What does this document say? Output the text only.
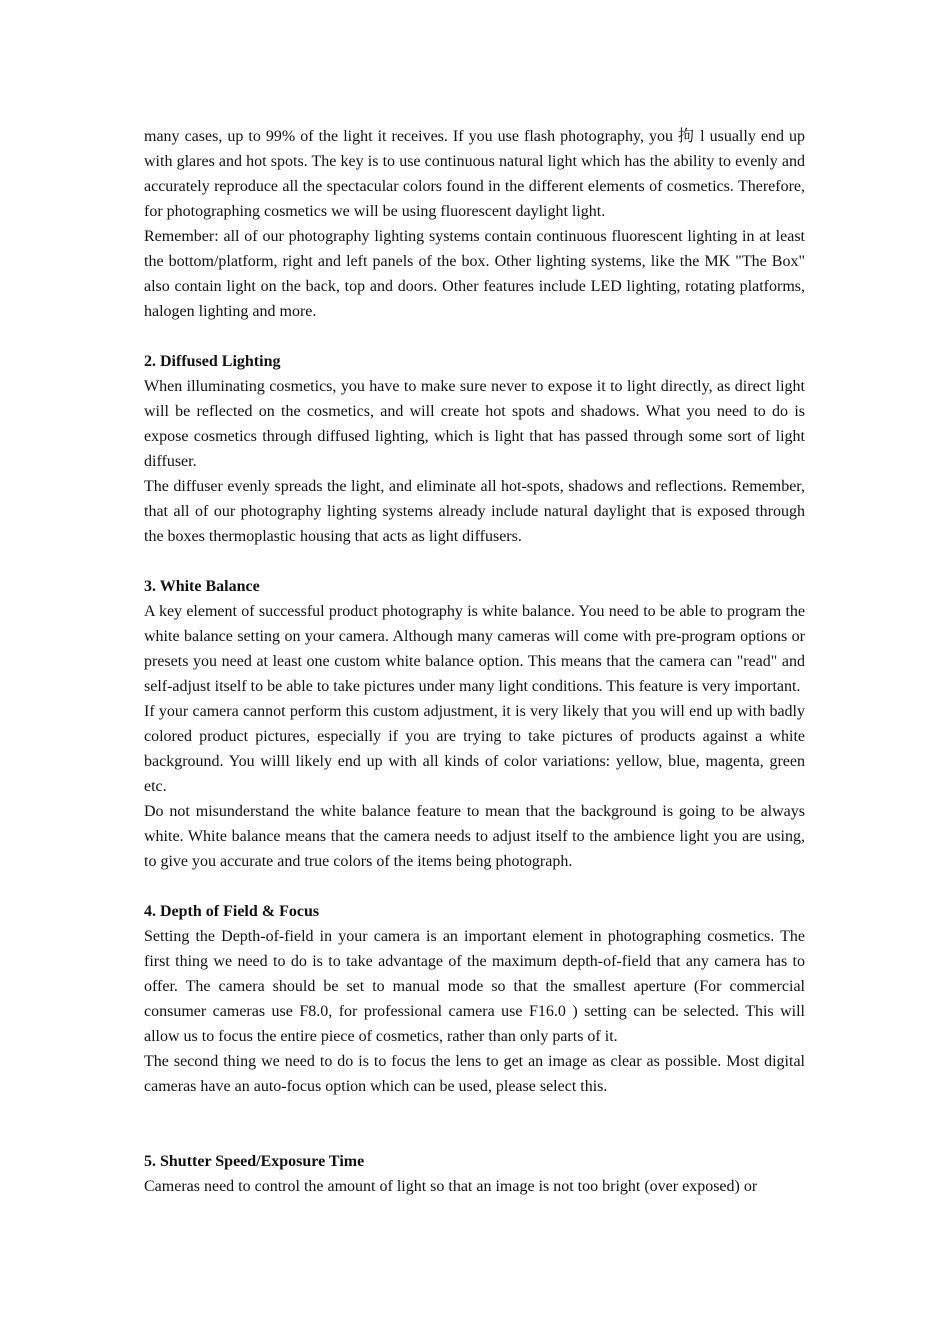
many cases, up to 99% of the light it receives. If you use flash photography, you 拘 l usually end up with glares and hot spots. The key is to use continuous natural light which has the ability to evenly and accurately reproduce all the spectacular colors found in the different elements of cosmetics. Therefore, for photographing cosmetics we will be using fluorescent daylight light.

Remember: all of our photography lighting systems contain continuous fluorescent lighting in at least the bottom/platform, right and left panels of the box. Other lighting systems, like the MK "The Box" also contain light on the back, top and doors. Other features include LED lighting, rotating platforms, halogen lighting and more.

2. Diffused Lighting

When illuminating cosmetics, you have to make sure never to expose it to light directly, as direct light will be reflected on the cosmetics, and will create hot spots and shadows. What you need to do is expose cosmetics through diffused lighting, which is light that has passed through some sort of light diffuser.

The diffuser evenly spreads the light, and eliminate all hot-spots, shadows and reflections. Remember, that all of our photography lighting systems already include natural daylight that is exposed through the boxes thermoplastic housing that acts as light diffusers.

3. White Balance

A key element of successful product photography is white balance. You need to be able to program the white balance setting on your camera. Although many cameras will come with pre-program options or presets you need at least one custom white balance option. This means that the camera can "read" and self-adjust itself to be able to take pictures under many light conditions. This feature is very important.

If your camera cannot perform this custom adjustment, it is very likely that you will end up with badly colored product pictures, especially if you are trying to take pictures of products against a white background. You willl likely end up with all kinds of color variations: yellow, blue, magenta, green etc.

Do not misunderstand the white balance feature to mean that the background is going to be always white. White balance means that the camera needs to adjust itself to the ambience light you are using, to give you accurate and true colors of the items being photograph.

4. Depth of Field & Focus

Setting the Depth-of-field in your camera is an important element in photographing cosmetics. The first thing we need to do is to take advantage of the maximum depth-of-field that any camera has to offer. The camera should be set to manual mode so that the smallest aperture (For commercial consumer cameras use F8.0, for professional camera use F16.0 ) setting can be selected. This will allow us to focus the entire piece of cosmetics, rather than only parts of it.

The second thing we need to do is to focus the lens to get an image as clear as possible. Most digital cameras have an auto-focus option which can be used, please select this.

5. Shutter Speed/Exposure Time

Cameras need to control the amount of light so that an image is not too bright (over exposed) or
